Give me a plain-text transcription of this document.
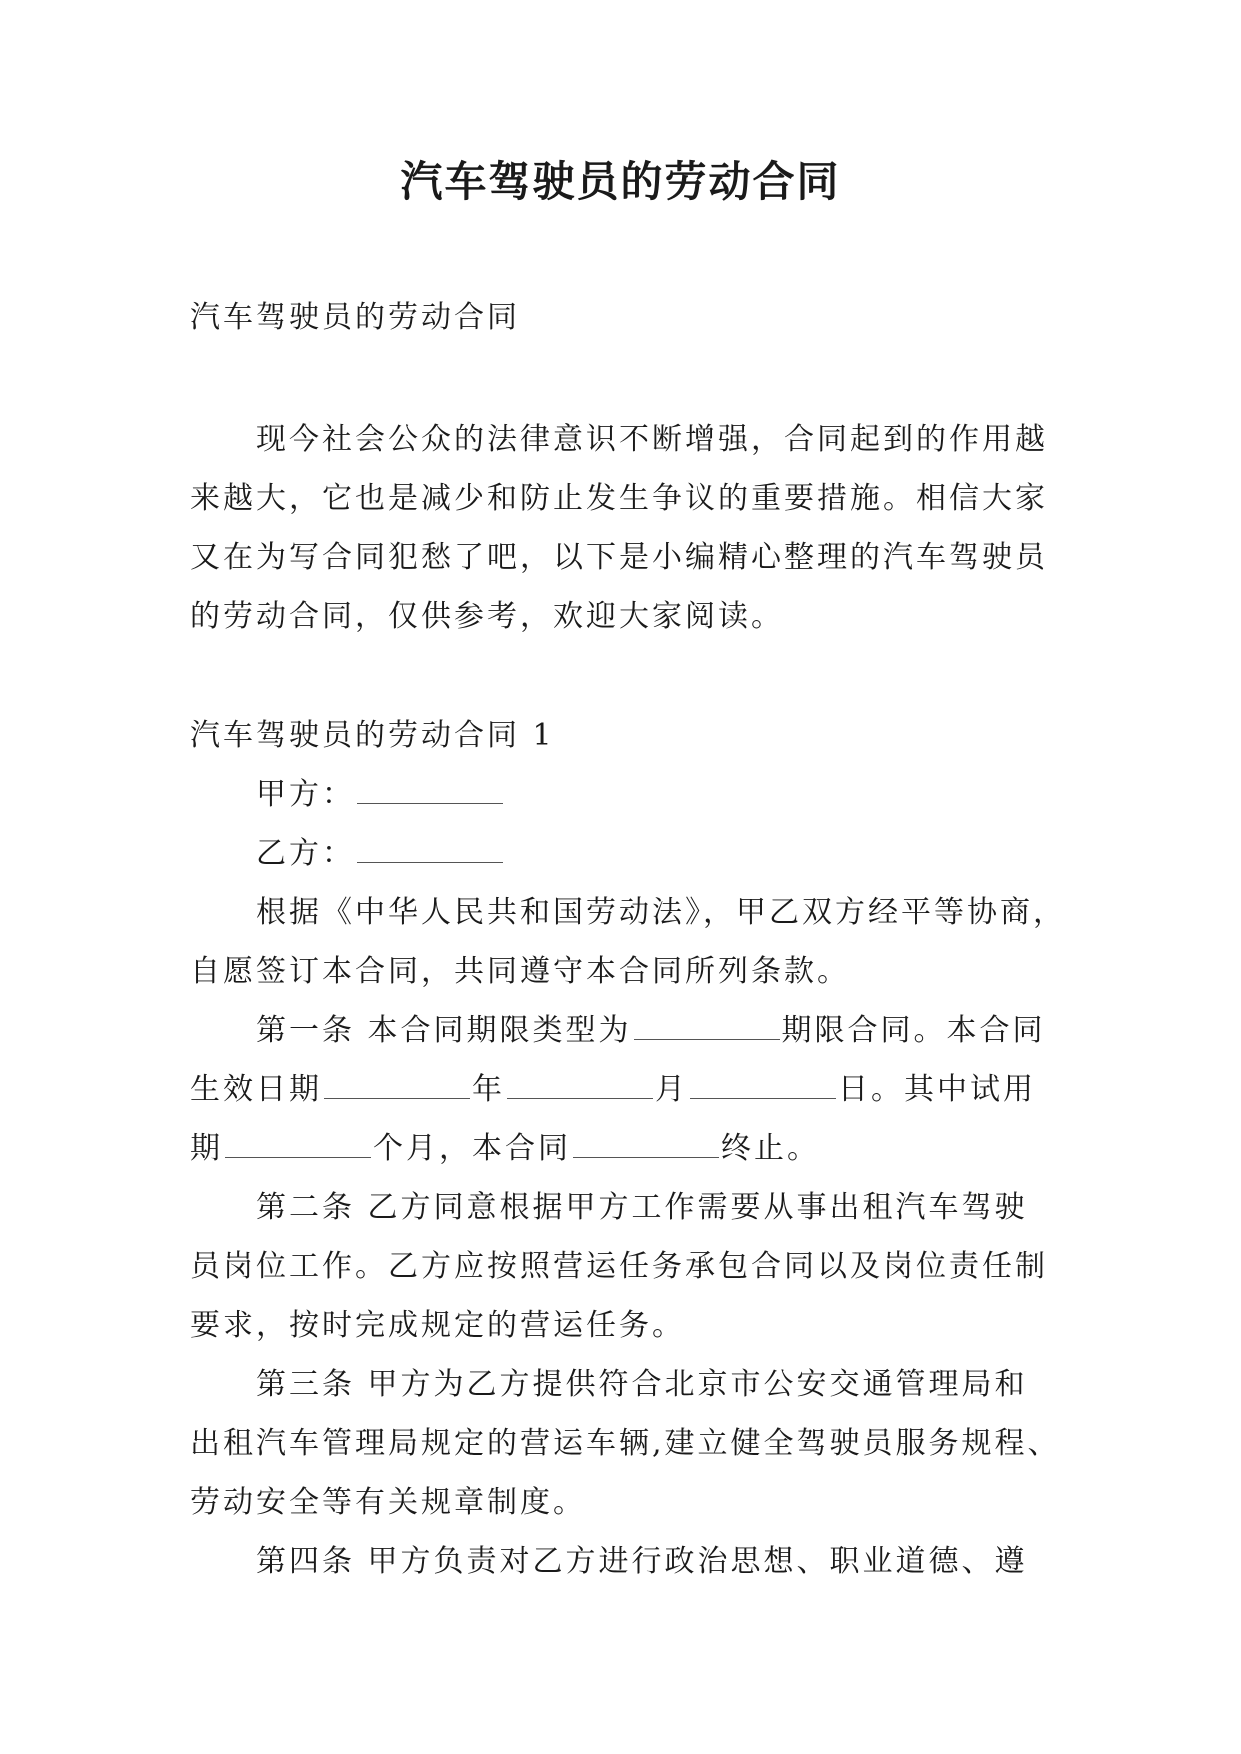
汽车驾驶员的劳动合同
汽车驾驶员的劳动合同
现今社会公众的法律意识不断增强，合同起到的作用越
来越大，它也是减少和防止发生争议的重要措施。相信大家
又在为写合同犯愁了吧，以下是小编精心整理的汽车驾驶员
的劳动合同，仅供参考，欢迎大家阅读。
汽车驾驶员的劳动合同 1
甲方：
乙方：
根据《中华人民共和国劳动法》，甲乙双方经平等协商，
自愿签订本合同，共同遵守本合同所列条款。
第一条 本合同期限类型为	期限合同。本合同
生效日期	年	月	日。其中试用
期	个月，本合同	终止。
第二条 乙方同意根据甲方工作需要从事出租汽车驾驶
员岗位工作。乙方应按照营运任务承包合同以及岗位责任制
要求，按时完成规定的营运任务。
第三条 甲方为乙方提供符合北京市公安交通管理局和
出租汽车管理局规定的营运车辆,建立健全驾驶员服务规程、
劳动安全等有关规章制度。
第四条 甲方负责对乙方进行政治思想、职业道德、遵
